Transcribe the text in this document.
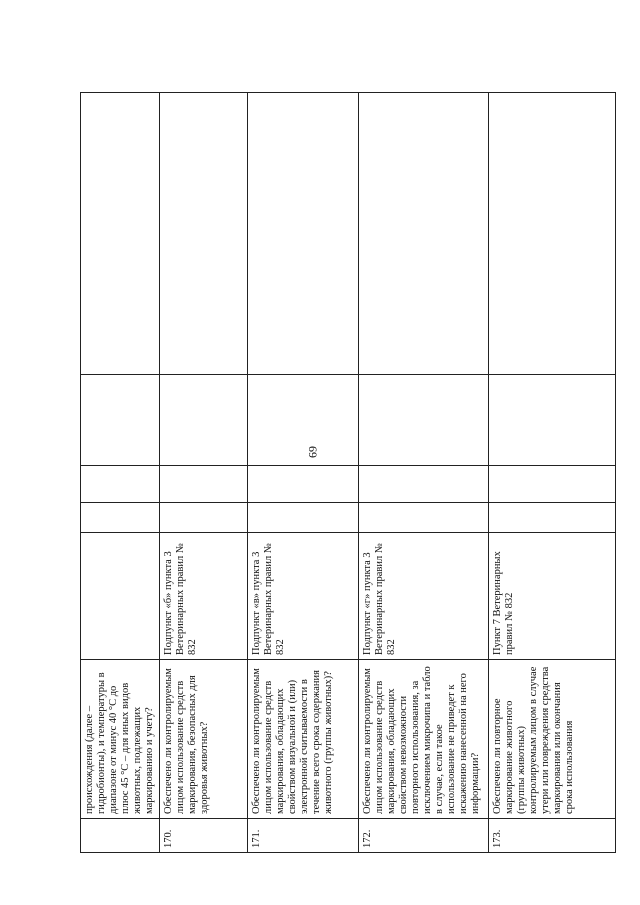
69
	происхождения (далее – гидробионты), и температуры в диапазоне от минус 40 °C до плюс 45 °C – для иных видов животных, подлежащих маркированию и учету?					
170.	Обеспечено ли контролируемым лицом использование средств маркирования, безопасных для здоровья животных?	Подпункт «б» пункта 3 Ветеринарных правил № 832				
171.	Обеспечено ли контролируемым лицом использование средств маркирования, обладающих свойством визуальной и (или) электронной считываемости в течение всего срока содержания животного (группы животных)?	Подпункт «в» пункта 3 Ветеринарных правил № 832				
172.	Обеспечено ли контролируемым лицом использование средств маркирования, обладающих свойством невозможности повторного использования, за исключением микрочипа и табло в случае, если такое использование не приведет к искажению нанесенной на него информации?	Подпункт «г» пункта 3 Ветеринарных правил № 832				
173.	Обеспечено ли повторное маркирование животного (группы животных) контролируемым лицом в случае утери или повреждения средства маркирования или окончания срока использования	Пункт 7 Ветеринарных правил № 832				
